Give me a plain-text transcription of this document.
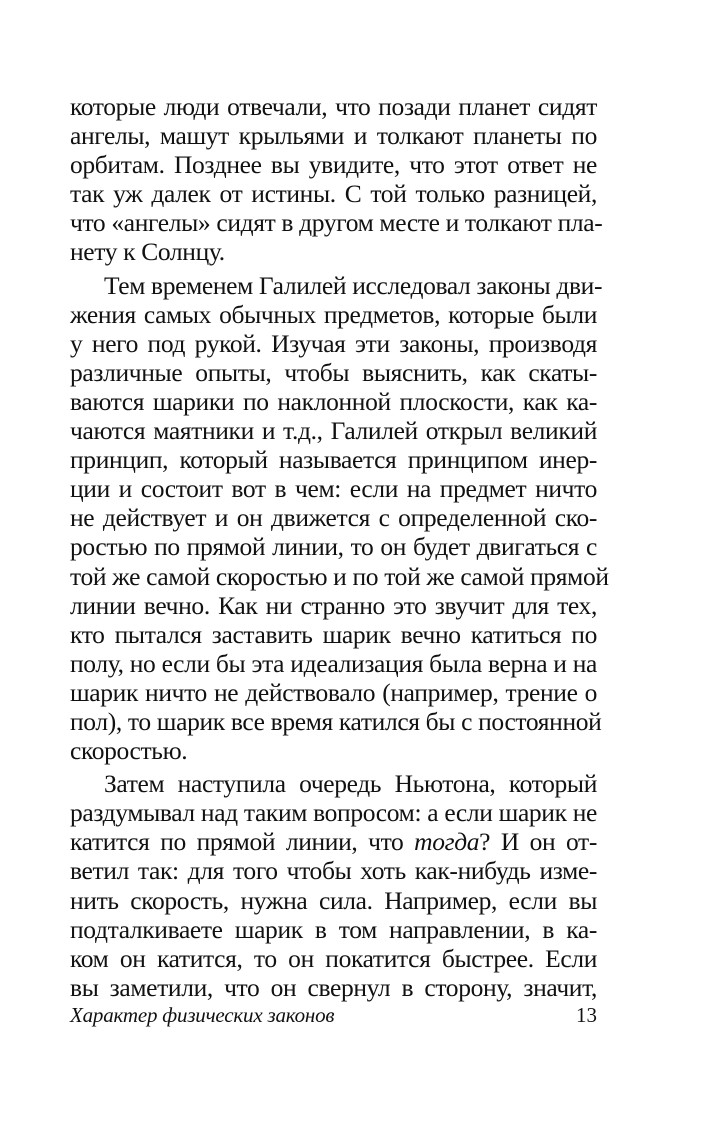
которые люди отвечали, что позади планет сидят
ангелы, машут крыльями и толкают планеты по
орбитам. Позднее вы увидите, что этот ответ не
так уж далек от истины. С той только разницей,
что «ангелы» сидят в другом месте и толкают пла-
нету к Солнцу.
Тем временем Галилей исследовал законы дви-
жения самых обычных предметов, которые были
у него под рукой. Изучая эти законы, производя
различные опыты, чтобы выяснить, как скаты-
ваются шарики по наклонной плоскости, как ка-
чаются маятники и т.д., Галилей открыл великий
принцип, который называется принципом инер-
ции и состоит вот в чем: если на предмет ничто
не действует и он движется с определенной ско-
ростью по прямой линии, то он будет двигаться с
той же самой скоростью и по той же самой прямой
линии вечно. Как ни странно это звучит для тех,
кто пытался заставить шарик вечно катиться по
полу, но если бы эта идеализация была верна и на
шарик ничто не действовало (например, трение о
пол), то шарик все время катился бы с постоянной
скоростью.
Затем наступила очередь Ньютона, который
раздумывал над таким вопросом: а если шарик не
катится по прямой линии, что тогда? И он от-
ветил так: для того чтобы хоть как-нибудь изме-
нить скорость, нужна сила. Например, если вы
подталкиваете шарик в том направлении, в ка-
ком он катится, то он покатится быстрее. Если
вы заметили, что он свернул в сторону, значит,
Характер физических законов	13
